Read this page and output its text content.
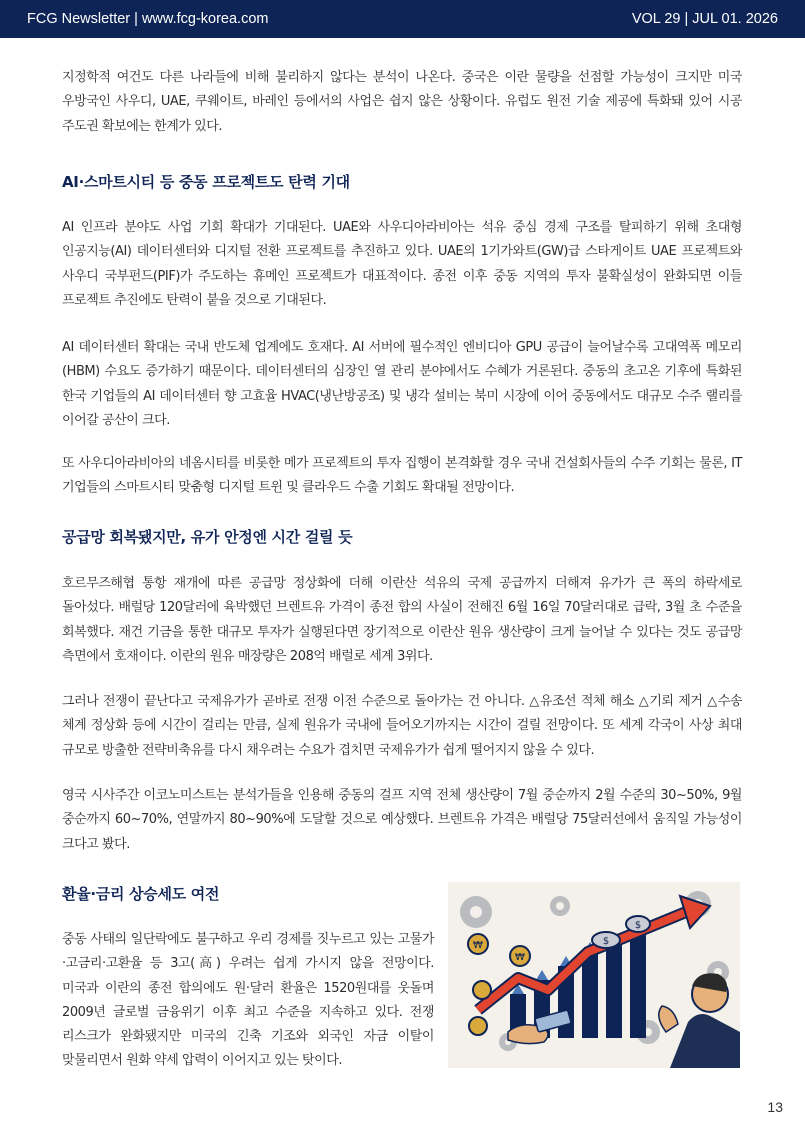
FCG Newsletter | www.fcg-korea.com	VOL 29 | JUL 01. 2026

지정학적 여건도 다른 나라들에 비해 불리하지 않다는 분석이 나온다. 중국은 이란 물량을 선점할 가능성이 크지만 미국 우방국인 사우디, UAE, 쿠웨이트, 바레인 등에서의 사업은 쉽지 않은 상황이다. 유럽도 원전 기술 제공에 특화돼 있어 시공 주도권 확보에는 한계가 있다.

AI·스마트시티 등 중동 프로젝트도 탄력 기대

AI 인프라 분야도 사업 기회 확대가 기대된다. UAE와 사우디아라비아는 석유 중심 경제 구조를 탈피하기 위해 초대형 인공지능(AI) 데이터센터와 디지털 전환 프로젝트를 추진하고 있다. UAE의 1기가와트(GW)급 스타게이트 UAE 프로젝트와 사우디 국부펀드(PIF)가 주도하는 휴메인 프로젝트가 대표적이다. 종전 이후 중동 지역의 투자 불확실성이 완화되면 이들 프로젝트 추진에도 탄력이 붙을 것으로 기대된다.

AI 데이터센터 확대는 국내 반도체 업계에도 호재다. AI 서버에 필수적인 엔비디아 GPU 공급이 늘어날수록 고대역폭 메모리(HBM) 수요도 증가하기 때문이다. 데이터센터의 심장인 열 관리 분야에서도 수혜가 거론된다. 중동의 초고온 기후에 특화된 한국 기업들의 AI 데이터센터 향 고효율 HVAC(냉난방공조) 및 냉각 설비는 북미 시장에 이어 중동에서도 대규모 수주 랠리를 이어갈 공산이 크다.

또 사우디아라비아의 네옴시티를 비롯한 메가 프로젝트의 투자 집행이 본격화할 경우 국내 건설회사들의 수주 기회는 물론, IT 기업들의 스마트시티 맞춤형 디지털 트윈 및 클라우드 수출 기회도 확대될 전망이다.

공급망 회복됐지만, 유가 안정엔 시간 걸릴 듯

호르무즈해협 통항 재개에 따른 공급망 정상화에 더해 이란산 석유의 국제 공급까지 더해져 유가가 큰 폭의 하락세로 돌아섰다. 배럴당 120달러에 육박했던 브렌트유 가격이 종전 합의 사실이 전해진 6월 16일 70달러대로 급락, 3월 초 수준을 회복했다. 재건 기금을 통한 대규모 투자가 실행된다면 장기적으로 이란산 원유 생산량이 크게 늘어날 수 있다는 것도 공급망 측면에서 호재이다. 이란의 원유 매장량은 208억 배럴로 세계 3위다.

그러나 전쟁이 끝난다고 국제유가가 곧바로 전쟁 이전 수준으로 돌아가는 건 아니다. △유조선 적체 해소 △기뢰 제거 △수송 체계 정상화 등에 시간이 걸리는 만큼, 실제 원유가 국내에 들어오기까지는 시간이 걸릴 전망이다. 또 세계 각국이 사상 최대 규모로 방출한 전략비축유를 다시 채우려는 수요가 겹치면 국제유가가 쉽게 떨어지지 않을 수 있다.

영국 시사주간 이코노미스트는 분석가들을 인용해 중동의 걸프 지역 전체 생산량이 7월 중순까지 2월 수준의 30~50%, 9월 중순까지 60~70%, 연말까지 80~90%에 도달할 것으로 예상했다. 브렌트유 가격은 배럴당 75달러선에서 움직일 가능성이 크다고 봤다.

환율·금리 상승세도 여전

중동 사태의 일단락에도 불구하고 우리 경제를 짓누르고 있는 고물가·고금리·고환율 등 3고(高) 우려는 쉽게 가시지 않을 전망이다. 미국과 이란의 종전 합의에도 원·달러 환율은 1520원대를 웃돌며 2009년 글로벌 금융위기 이후 최고 수준을 지속하고 있다. 전쟁 리스크가 완화됐지만 미국의 긴축 기조와 외국인 자금 이탈이 맞물리면서 원화 약세 압력이 이어지고 있는 탓이다.

₩
₩
$
$
13
